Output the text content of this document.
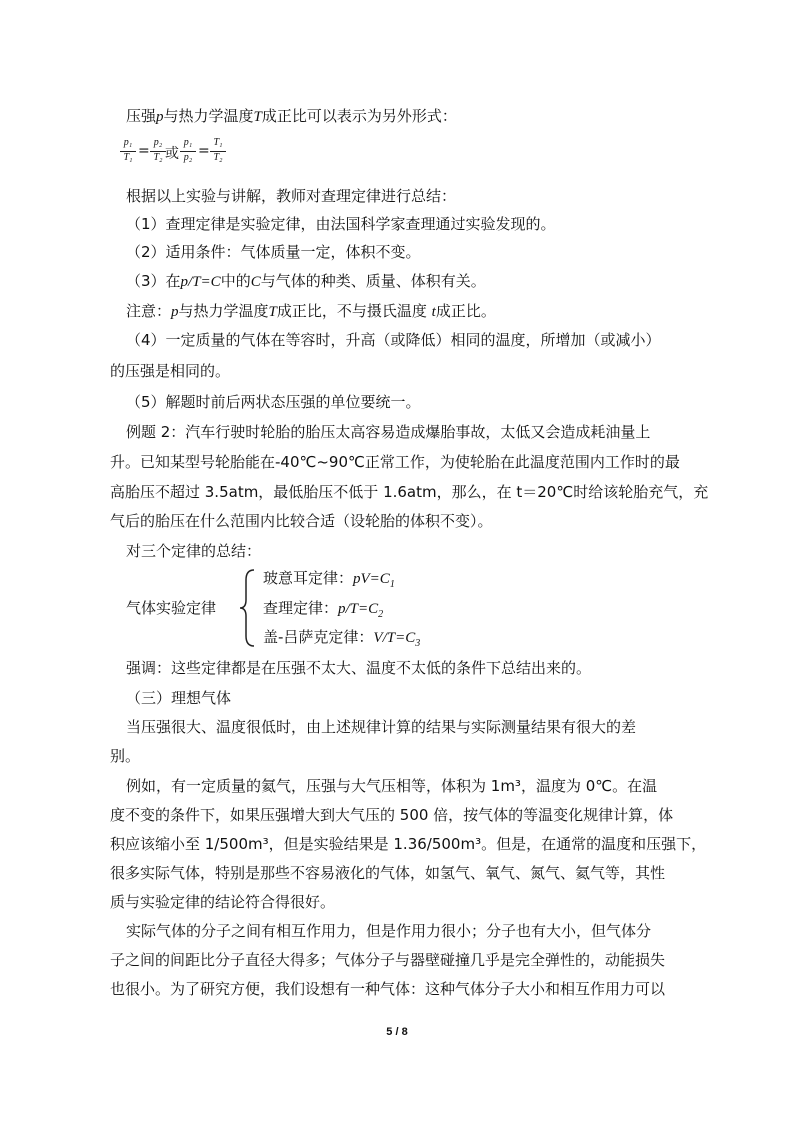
压强p与热力学温度T成正比可以表示为另外形式：
p₁
T₁ =
p₂
T₂ 或
p₁
p₂ =
T₁
T₂
根据以上实验与讲解，教师对查理定律进行总结：
（1）查理定律是实验定律，由法国科学家查理通过实验发现的。
（2）适用条件：气体质量一定，体积不变。
（3）在p/T=C中的C与气体的种类、质量、体积有关。
注意：p与热力学温度T成正比，不与摄氏温度 t成正比。
（4）一定质量的气体在等容时，升高（或降低）相同的温度，所增加（或减小）
的压强是相同的。
（5）解题时前后两状态压强的单位要统一。
例题 2：汽车行驶时轮胎的胎压太高容易造成爆胎事故，太低又会造成耗油量上
升。已知某型号轮胎能在-40℃~90℃正常工作，为使轮胎在此温度范围内工作时的最
高胎压不超过 3.5atm，最低胎压不低于 1.6atm，那么，在 t＝20℃时给该轮胎充气，充
气后的胎压在什么范围内比较合适（设轮胎的体积不变）。
对三个定律的总结：
气体实验定律
玻意耳定律：$pV=C_1$
查理定律：$p/T=C_2$
盖-吕萨克定律：$V/T=C_3$
强调：这些定律都是在压强不太大、温度不太低的条件下总结出来的。
（三）理想气体
当压强很大、温度很低时，由上述规律计算的结果与实际测量结果有很大的差
别。
例如，有一定质量的氦气，压强与大气压相等，体积为 1m³，温度为 0℃。在温
度不变的条件下，如果压强增大到大气压的 500 倍，按气体的等温变化规律计算，体
积应该缩小至 1/500m³，但是实验结果是 1.36/500m³。但是，在通常的温度和压强下，
很多实际气体，特别是那些不容易液化的气体，如氢气、氧气、氮气、氦气等，其性
质与实验定律的结论符合得很好。
实际气体的分子之间有相互作用力，但是作用力很小；分子也有大小，但气体分
子之间的间距比分子直径大得多；气体分子与器壁碰撞几乎是完全弹性的，动能损失
也很小。为了研究方便，我们设想有一种气体：这种气体分子大小和相互作用力可以
5 / 8
